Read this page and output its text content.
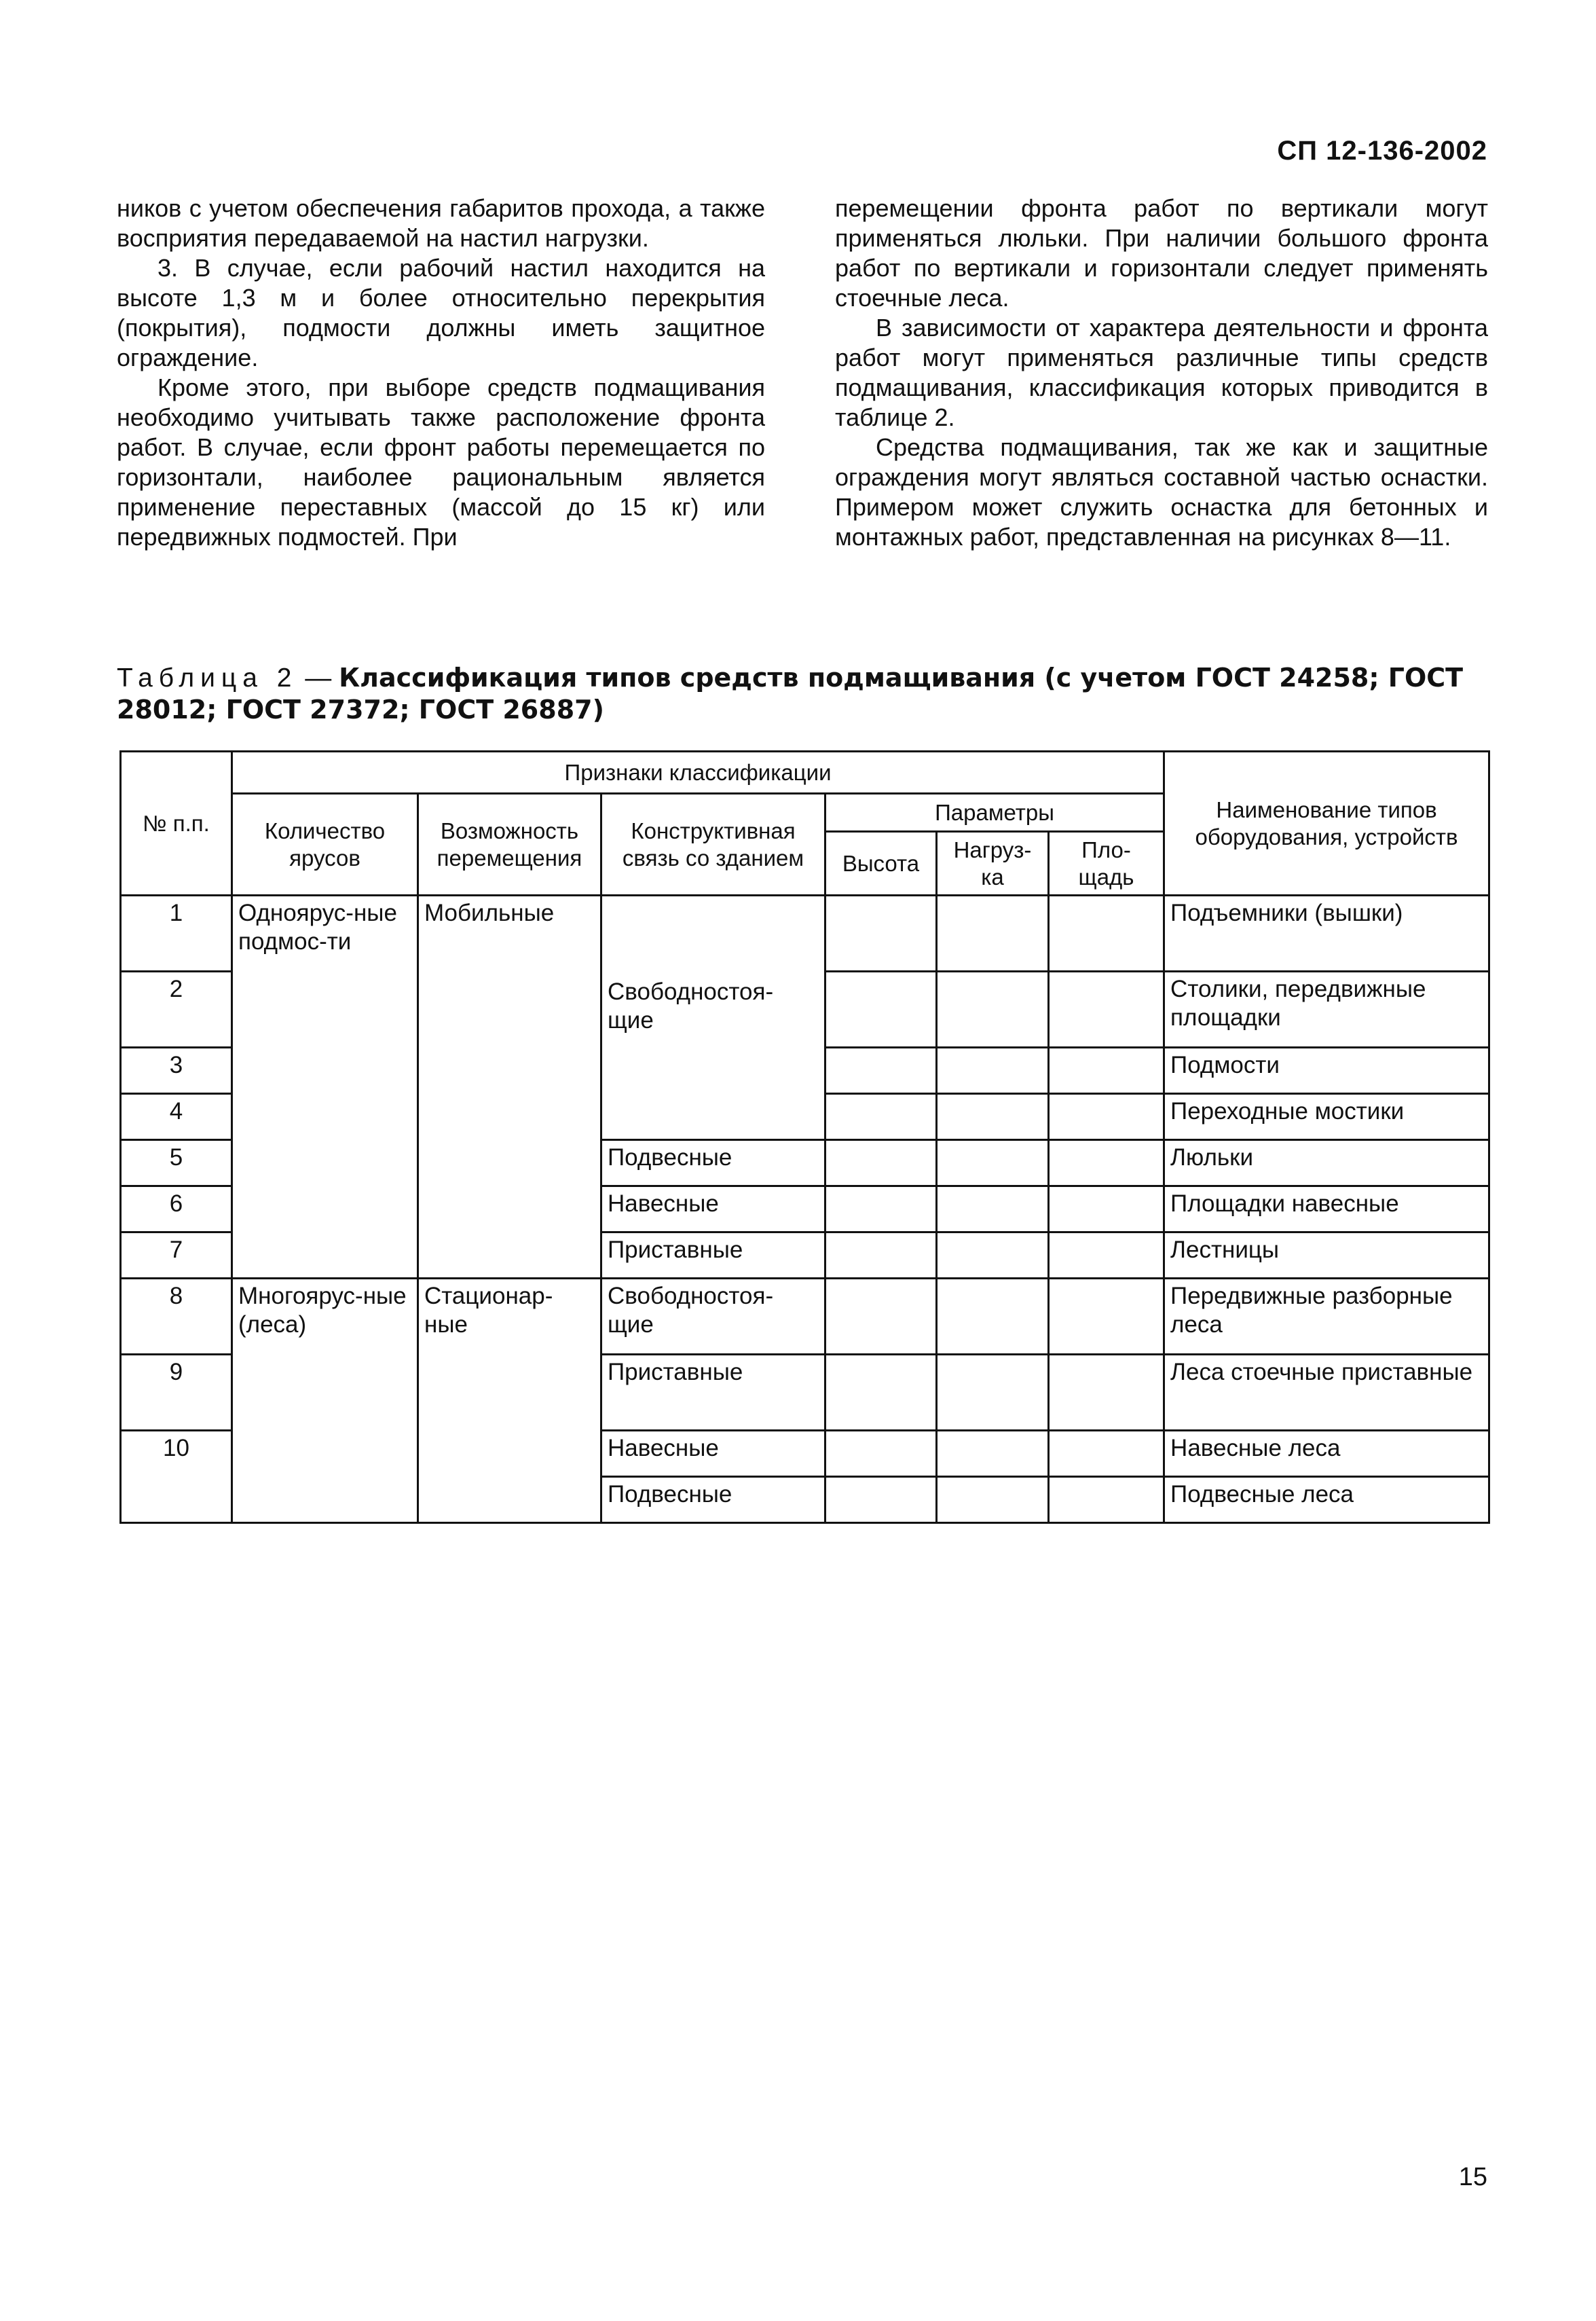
СП 12-136-2002

ников с учетом обеспечения габаритов прохода, а также восприятия передаваемой на настил нагрузки.

3. В случае, если рабочий настил находится на высоте 1,3 м и более относительно перекрытия (покрытия), подмости должны иметь защитное ограждение.

Кроме этого, при выборе средств подмащивания необходимо учитывать также расположение фронта работ. В случае, если фронт работы перемещается по горизонтали, наиболее рациональным является применение переставных (массой до 15 кг) или передвижных подмостей. При

перемещении фронта работ по вертикали могут применяться люльки. При наличии большого фронта работ по вертикали и горизонтали следует применять стоечные леса.

В зависимости от характера деятельности и фронта работ могут применяться различные типы средств подмащивания, классификация которых приводится в таблице 2.

Средства подмащивания, так же как и защитные ограждения могут являться составной частью оснастки. Примером может служить оснастка для бетонных и монтажных работ, представленная на рисунках 8—11.

Таблица 2 — Классификация типов средств подмащивания (с учетом ГОСТ 24258; ГОСТ 28012; ГОСТ 27372; ГОСТ 26887)
№ п.п.	Признаки классификации						Наименование типов оборудования, устройств
	Количество ярусов	Возможность перемещения	Конструктивная связь со зданием	Параметры			
				Высота	Нагруз-ка	Пло-щадь	
1	Одноярус-ные подмос-ти	Мобильные	Свободностоя-щие				Подъемники (вышки)
2							Столики, передвижные площадки
3							Подмости
4							Переходные мостики
5			Подвесные				Люльки
6			Навесные				Площадки навесные
7			Приставные				Лестницы
8	Многоярус-ные (леса)	Стационар-ные	Свободностоя-щие				Передвижные разборные леса
9			Приставные				Леса стоечные приставные
10			Навесные				Навесные леса
			Подвесные				Подвесные леса
15
